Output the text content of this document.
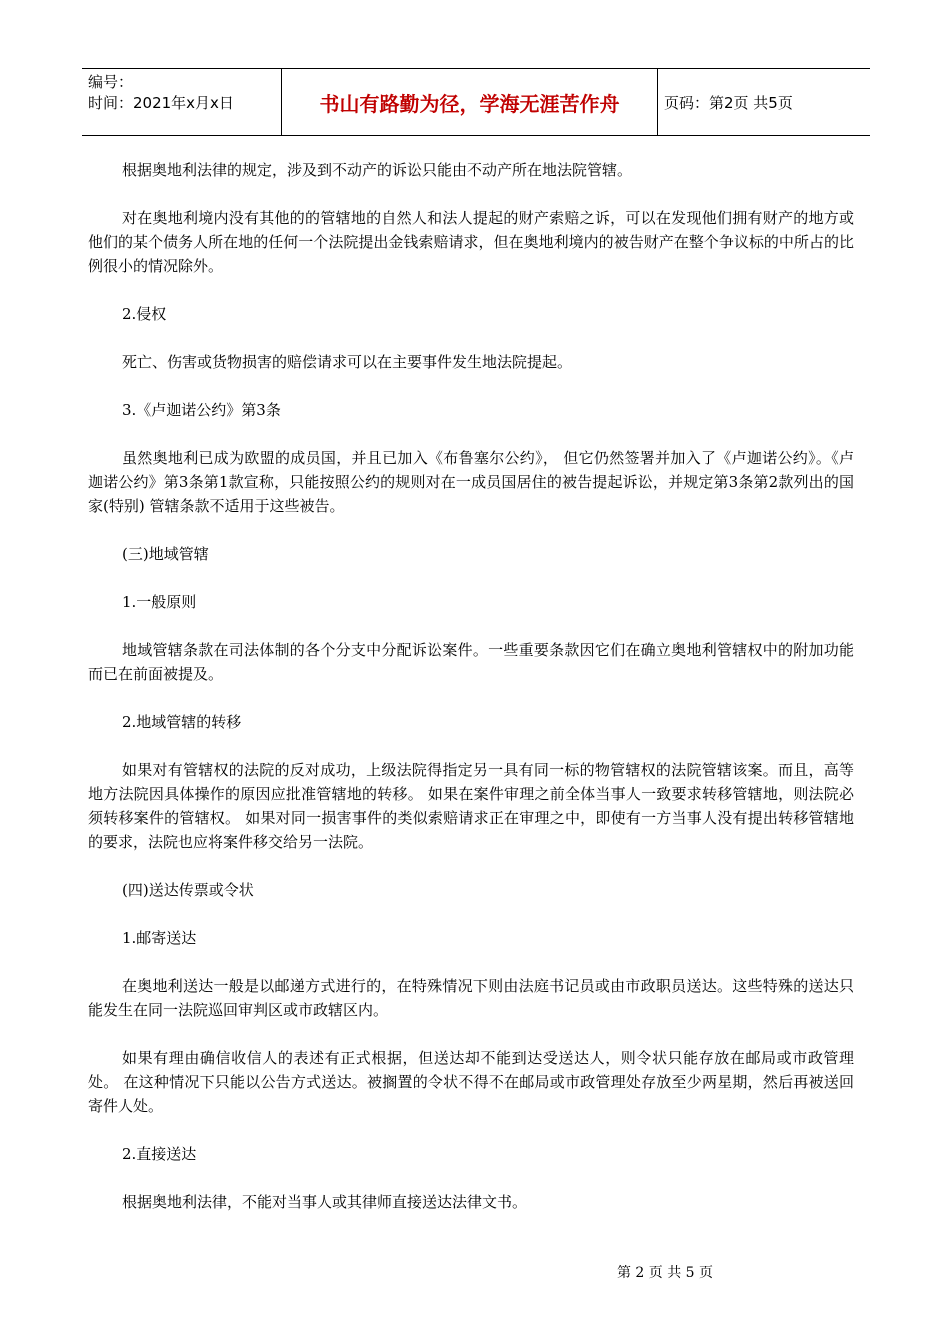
编号：
时间：2021年x月x日	书山有路勤为径，学海无涯苦作舟	页码：第2页 共5页

根据奥地利法律的规定，涉及到不动产的诉讼只能由不动产所在地法院管辖。

对在奥地利境内没有其他的的管辖地的自然人和法人提起的财产索赔之诉，可以在发现他们拥有财产的地方或他们的某个债务人所在地的任何一个法院提出金钱索赔请求，但在奥地利境内的被告财产在整个争议标的中所占的比例很小的情况除外。

2.侵权

死亡、伤害或货物损害的赔偿请求可以在主要事件发生地法院提起。

3.《卢迦诺公约》第3条

虽然奥地利已成为欧盟的成员国，并且已加入《布鲁塞尔公约》， 但它仍然签署并加入了《卢迦诺公约》。《卢迦诺公约》第3条第1款宣称，只能按照公约的规则对在一成员国居住的被告提起诉讼，并规定第3条第2款列出的国家(特别) 管辖条款不适用于这些被告。

(三)地域管辖

1.一般原则

地域管辖条款在司法体制的各个分支中分配诉讼案件。一些重要条款因它们在确立奥地利管辖权中的附加功能而已在前面被提及。

2.地域管辖的转移

如果对有管辖权的法院的反对成功，上级法院得指定另一具有同一标的物管辖权的法院管辖该案。而且，高等地方法院因具体操作的原因应批准管辖地的转移。 如果在案件审理之前全体当事人一致要求转移管辖地，则法院必须转移案件的管辖权。 如果对同一损害事件的类似索赔请求正在审理之中，即使有一方当事人没有提出转移管辖地的要求，法院也应将案件移交给另一法院。

(四)送达传票或令状

1.邮寄送达

在奥地利送达一般是以邮递方式进行的，在特殊情况下则由法庭书记员或由市政职员送达。这些特殊的送达只能发生在同一法院巡回审判区或市政辖区内。

如果有理由确信收信人的表述有正式根据，但送达却不能到达受送达人，则令状只能存放在邮局或市政管理处。 在这种情况下只能以公告方式送达。被搁置的令状不得不在邮局或市政管理处存放至少两星期，然后再被送回寄件人处。

2.直接送达

根据奥地利法律，不能对当事人或其律师直接送达法律文书。

第 2 页 共 5 页
